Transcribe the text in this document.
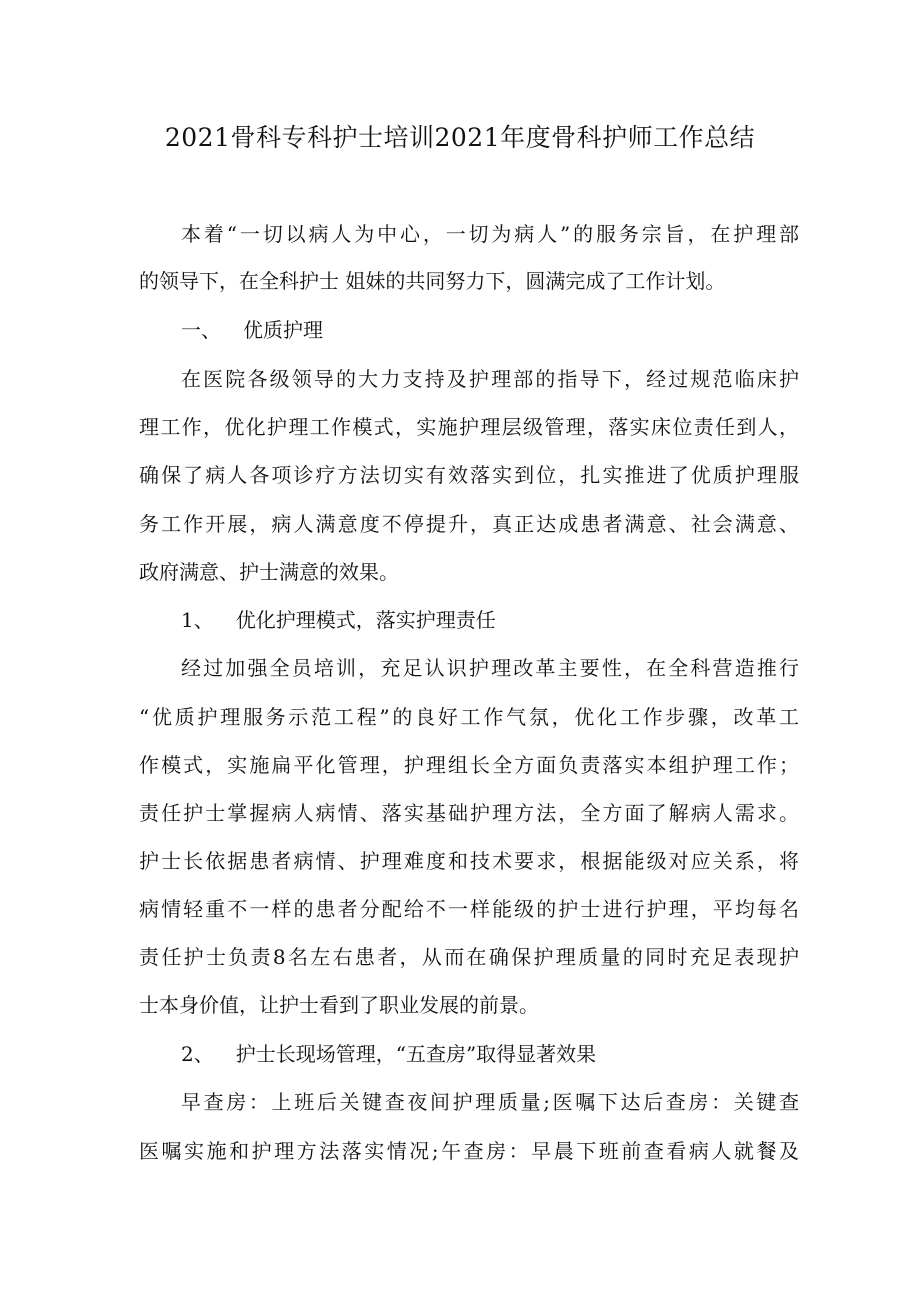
2021骨科专科护士培训2021年度骨科护师工作总结
本着“一切以病人为中心，一切为病人”的服务宗旨，在护理部
的领导下，在全科护士 姐妹的共同努力下，圆满完成了工作计划。
一、 优质护理
在医院各级领导的大力支持及护理部的指导下，经过规范临床护
理工作，优化护理工作模式，实施护理层级管理，落实床位责任到人，
确保了病人各项诊疗方法切实有效落实到位，扎实推进了优质护理服
务工作开展，病人满意度不停提升，真正达成患者满意、社会满意、
政府满意、护士满意的效果。
1、 优化护理模式，落实护理责任
经过加强全员培训，充足认识护理改革主要性，在全科营造推行
“优质护理服务示范工程”的良好工作气氛，优化工作步骤，改革工
作模式，实施扁平化管理，护理组长全方面负责落实本组护理工作；
责任护士掌握病人病情、落实基础护理方法，全方面了解病人需求。
护士长依据患者病情、护理难度和技术要求，根据能级对应关系，将
病情轻重不一样的患者分配给不一样能级的护士进行护理，平均每名
责任护士负责8名左右患者，从而在确保护理质量的同时充足表现护
士本身价值，让护士看到了职业发展的前景。
2、 护士长现场管理，“五查房”取得显著效果
早查房：上班后关键查夜间护理质量;医嘱下达后查房：关键查
医嘱实施和护理方法落实情况;午查房：早晨下班前查看病人就餐及
